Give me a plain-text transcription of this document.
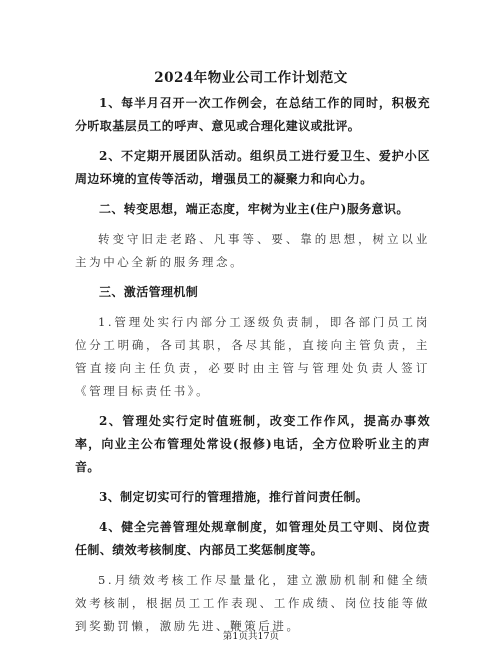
2024年物业公司工作计划范文

1、每半月召开一次工作例会，在总结工作的同时，积极充分听取基层员工的呼声、意见或合理化建议或批评。

2、不定期开展团队活动。组织员工进行爱卫生、爱护小区周边环境的宣传等活动，增强员工的凝聚力和向心力。

二、转变思想，端正态度，牢树为业主(住户)服务意识。

转变守旧走老路、凡事等、要、靠的思想，树立以业主为中心全新的服务理念。

三、激活管理机制

1.管理处实行内部分工逐级负责制，即各部门员工岗位分工明确，各司其职，各尽其能，直接向主管负责，主管直接向主任负责，必要时由主管与管理处负责人签订《管理目标责任书》。

2、管理处实行定时值班制，改变工作作风，提高办事效率，向业主公布管理处常设(报修)电话，全方位聆听业主的声音。

3、制定切实可行的管理措施，推行首问责任制。

4、健全完善管理处规章制度，如管理处员工守则、岗位责任制、绩效考核制度、内部员工奖惩制度等。

5.月绩效考核工作尽量量化，建立激励机制和健全绩效考核制，根据员工工作表现、工作成绩、岗位技能等做到奖勤罚懒，激励先进、鞭策后进。

第1页共17页
